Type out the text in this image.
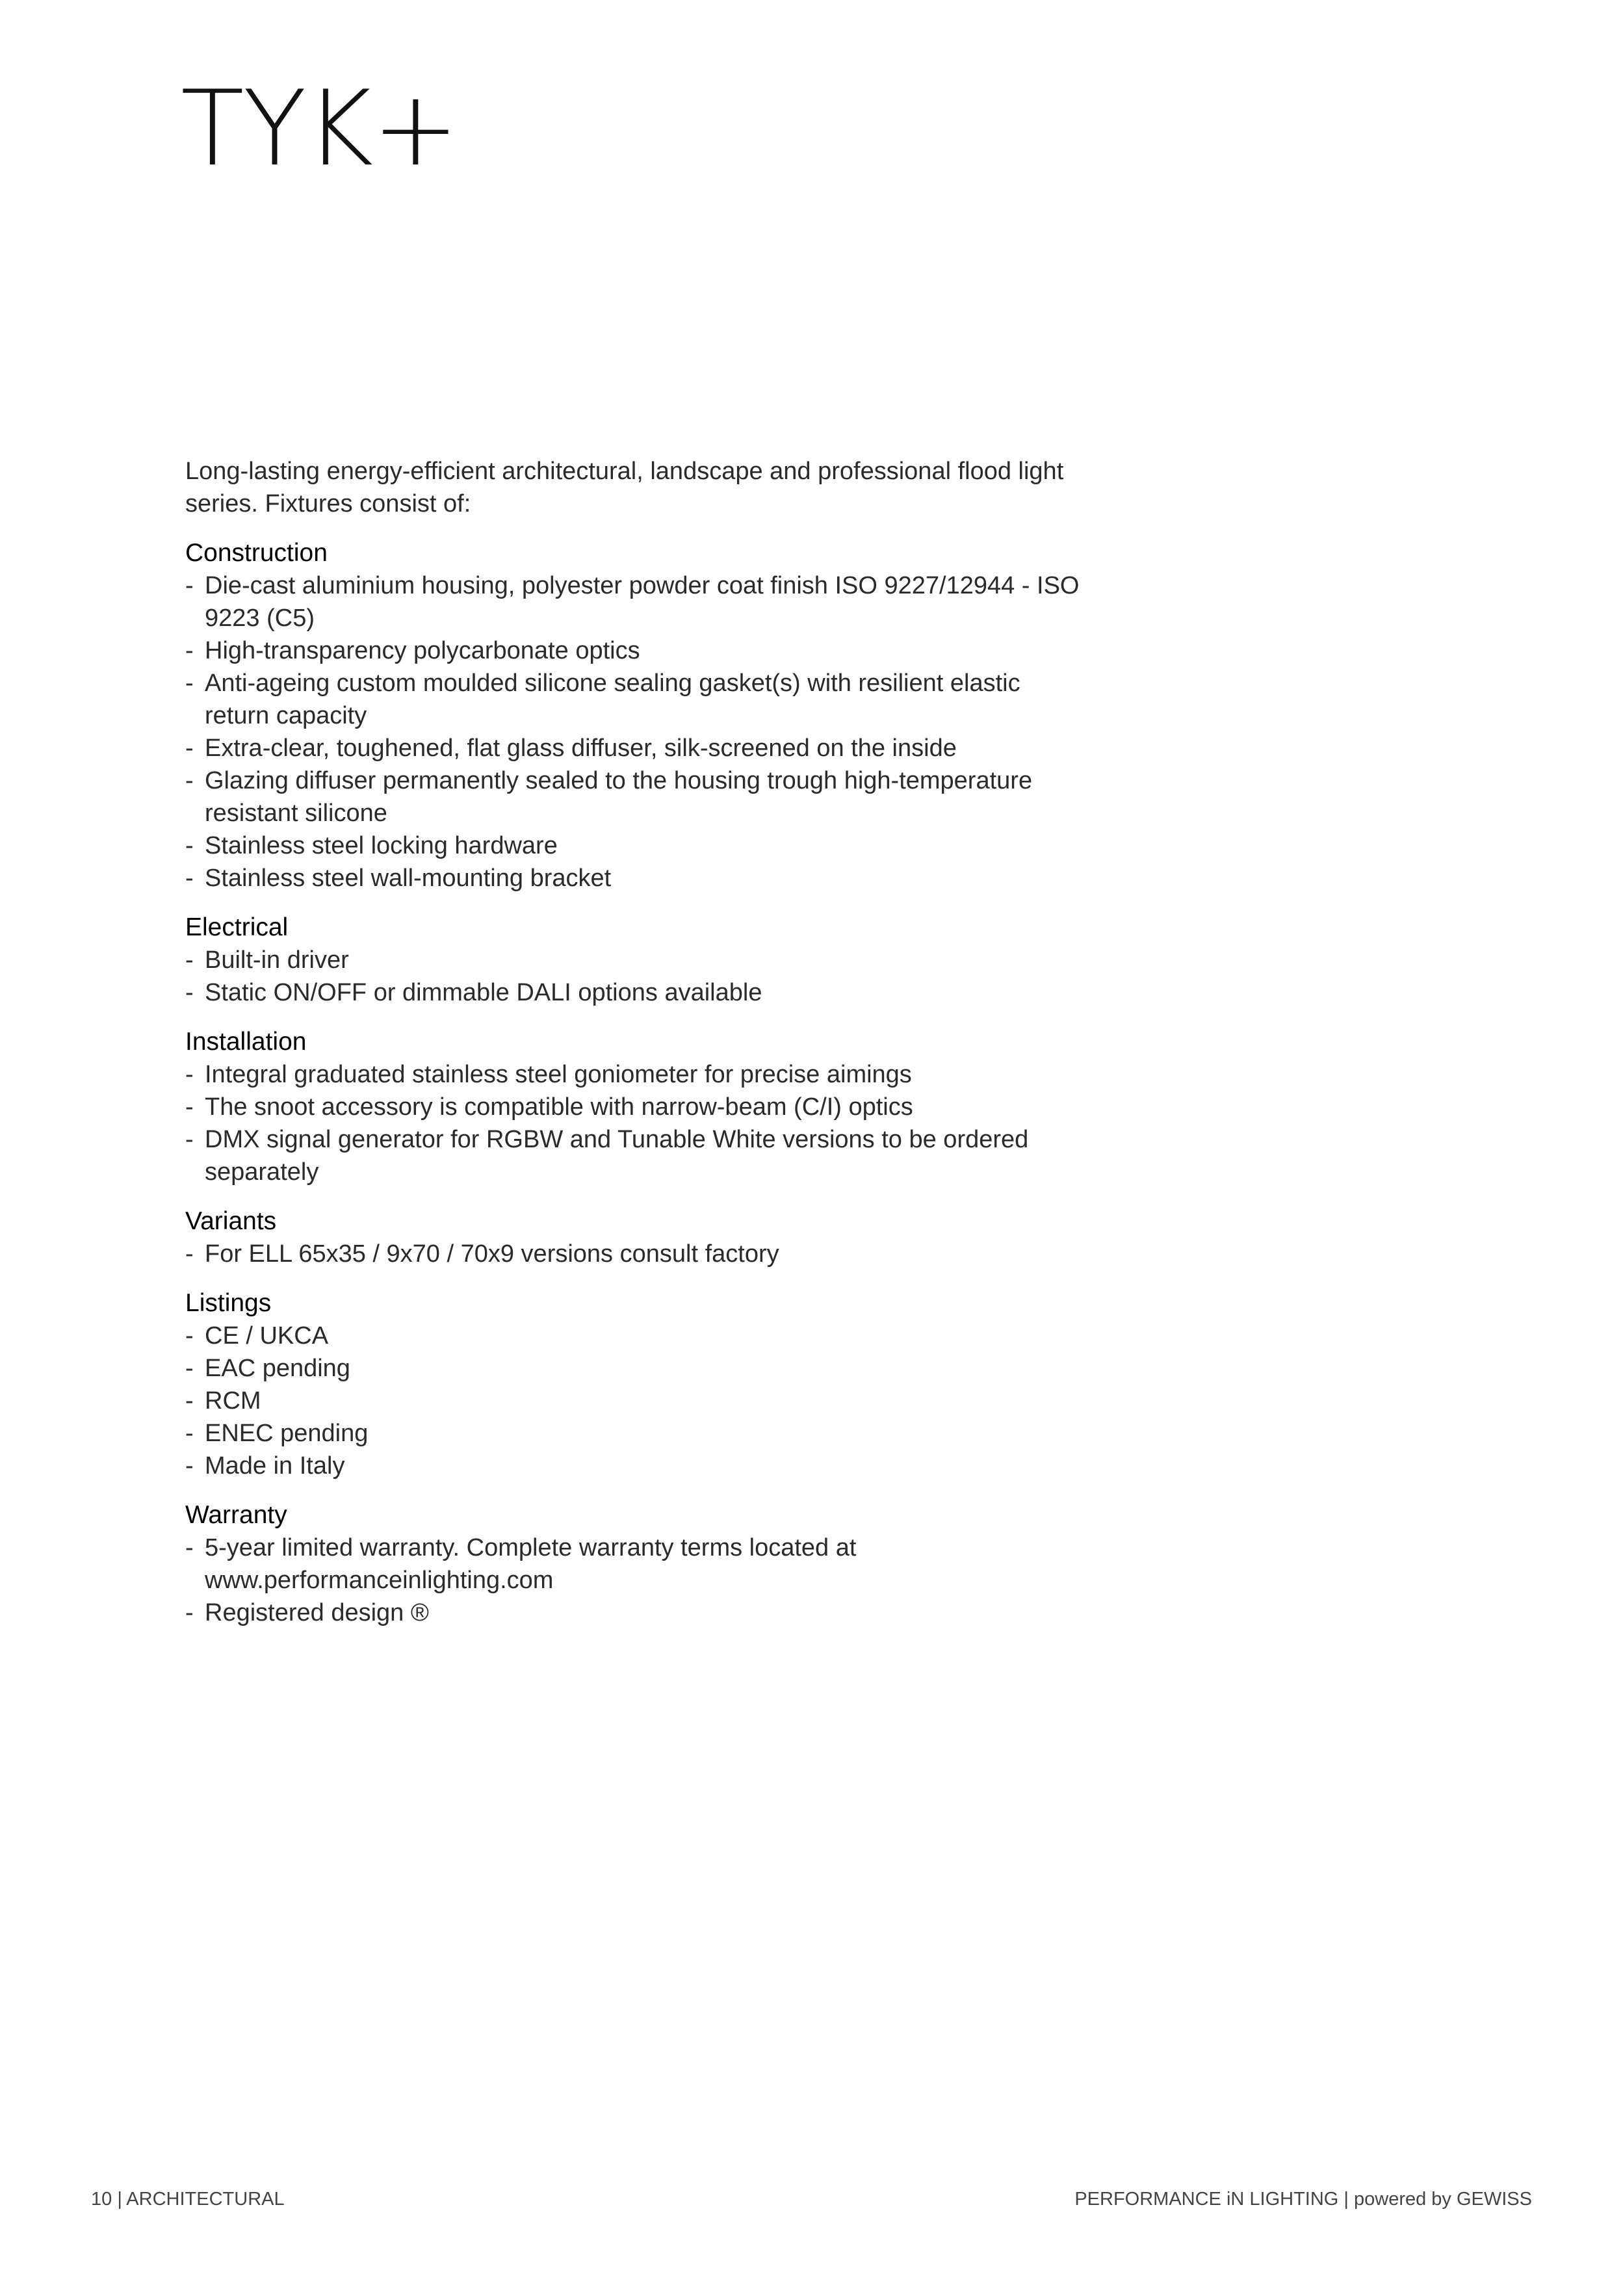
TYK+

Long-lasting energy-efficient architectural, landscape and professional flood light series. Fixtures consist of:

Construction
- Die-cast aluminium housing, polyester powder coat finish ISO 9227/12944 - ISO 9223 (C5)
- High-transparency polycarbonate optics
- Anti-ageing custom moulded silicone sealing gasket(s) with resilient elastic return capacity
- Extra-clear, toughened, flat glass diffuser, silk-screened on the inside
- Glazing diffuser permanently sealed to the housing trough high-temperature resistant silicone
- Stainless steel locking hardware
- Stainless steel wall-mounting bracket
Electrical
- Built-in driver
- Static ON/OFF or dimmable DALI options available
Installation
- Integral graduated stainless steel goniometer for precise aimings
- The snoot accessory is compatible with narrow-beam (C/I) optics
- DMX signal generator for RGBW and Tunable White versions to be ordered separately
Variants
- For ELL 65x35 / 9x70 / 70x9 versions consult factory
Listings
- CE / UKCA
- EAC pending
- RCM
- ENEC pending
- Made in Italy
Warranty
- 5-year limited warranty. Complete warranty terms located at www.performanceinlighting.com
- Registered design ®
10 | ARCHITECTURAL	PERFORMANCE iN LIGHTING | powered by GEWISS
